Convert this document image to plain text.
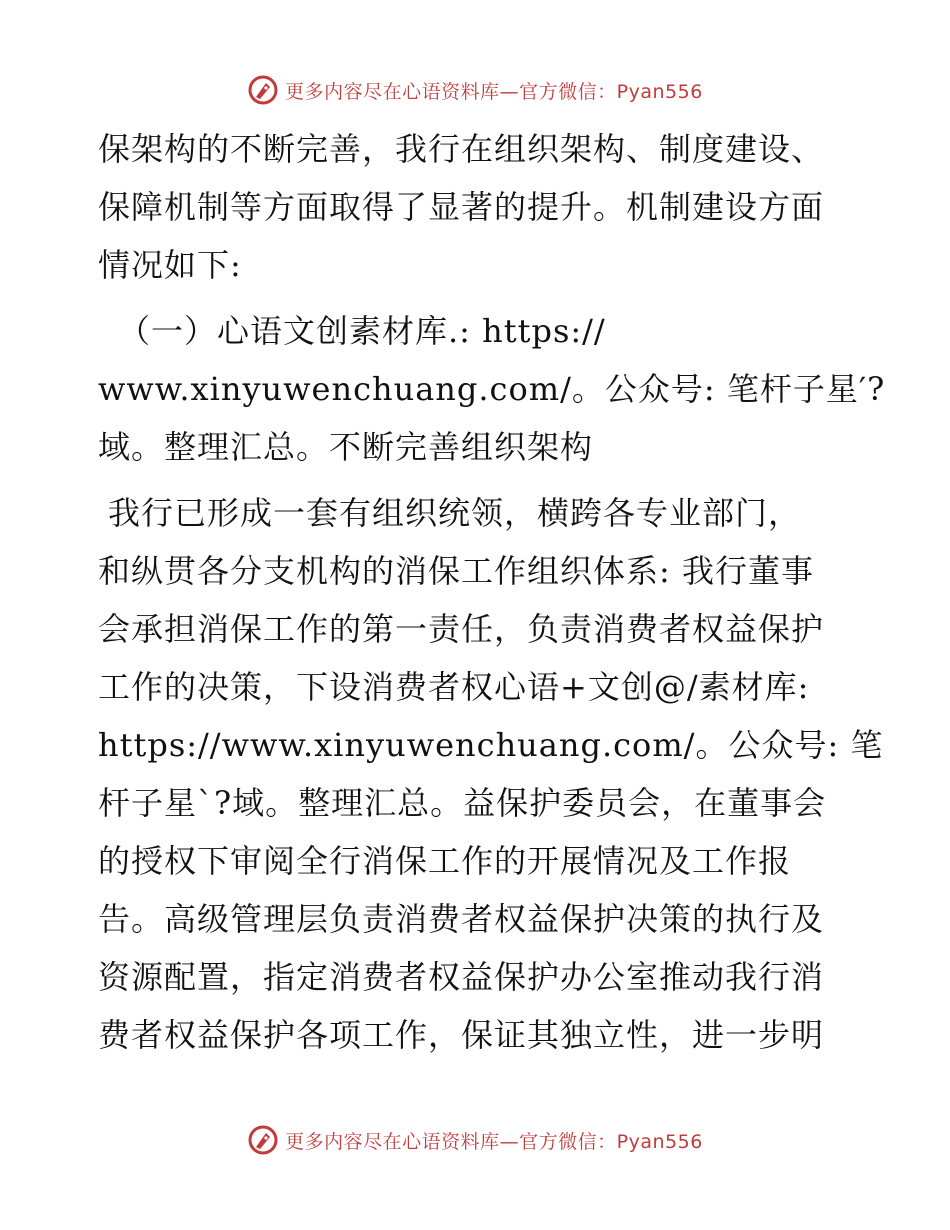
更多内容尽在心语资料库—官方微信：Pyan556
保架构的不断完善，我行在组织架构、制度建设、
保障机制等方面取得了显著的提升。机制建设方面
情况如下:
（一）心语文创素材库.: https://
www.xinyuwenchuang.com/。公众号: 笔杆子星′?
域。整理汇总。不断完善组织架构
我行已形成一套有组织统领，横跨各专业部门，
和纵贯各分支机构的消保工作组织体系: 我行董事
会承担消保工作的第一责任，负责消费者权益保护
工作的决策，下设消费者权心语+文创@/素材库:
https://www.xinyuwenchuang.com/。公众号: 笔
杆子星`?域。整理汇总。益保护委员会，在董事会
的授权下审阅全行消保工作的开展情况及工作报
告。高级管理层负责消费者权益保护决策的执行及
资源配置，指定消费者权益保护办公室推动我行消
费者权益保护各项工作，保证其独立性，进一步明
更多内容尽在心语资料库—官方微信：Pyan556
